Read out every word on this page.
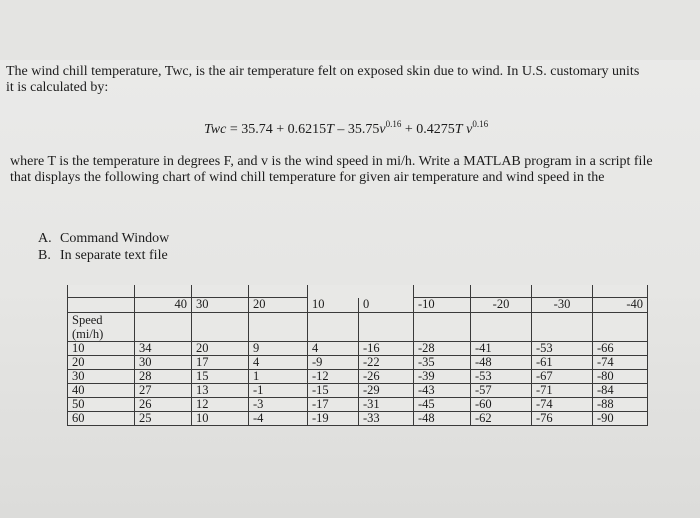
The wind chill temperature, Twc, is the air temperature felt on exposed skin due to wind. In U.S. customary units it is calculated by:

Twc = $35.74 + 0.6215T - 35.75v^{0.16} + 0.4275T$ $v^{0.16}$

where T is the temperature in degrees F, and v is the wind speed in mi/h. Write a MATLAB program in a script file that displays the following chart of wind chill temperature for given air temperature and wind speed in the

A. Command Window
B. In separate text file

	40	30	20	10	0	-10	-20	-30	-40
Speed
(mi/h)									
10	34	20	9	4	-16	-28	-41	-53	-66
20	30	17	4	-9	-22	-35	-48	-61	-74
30	28	15	1	-12	-26	-39	-53	-67	-80
40	27	13	-1	-15	-29	-43	-57	-71	-84
50	26	12	-3	-17	-31	-45	-60	-74	-88
60	25	10	-4	-19	-33	-48	-62	-76	-90
